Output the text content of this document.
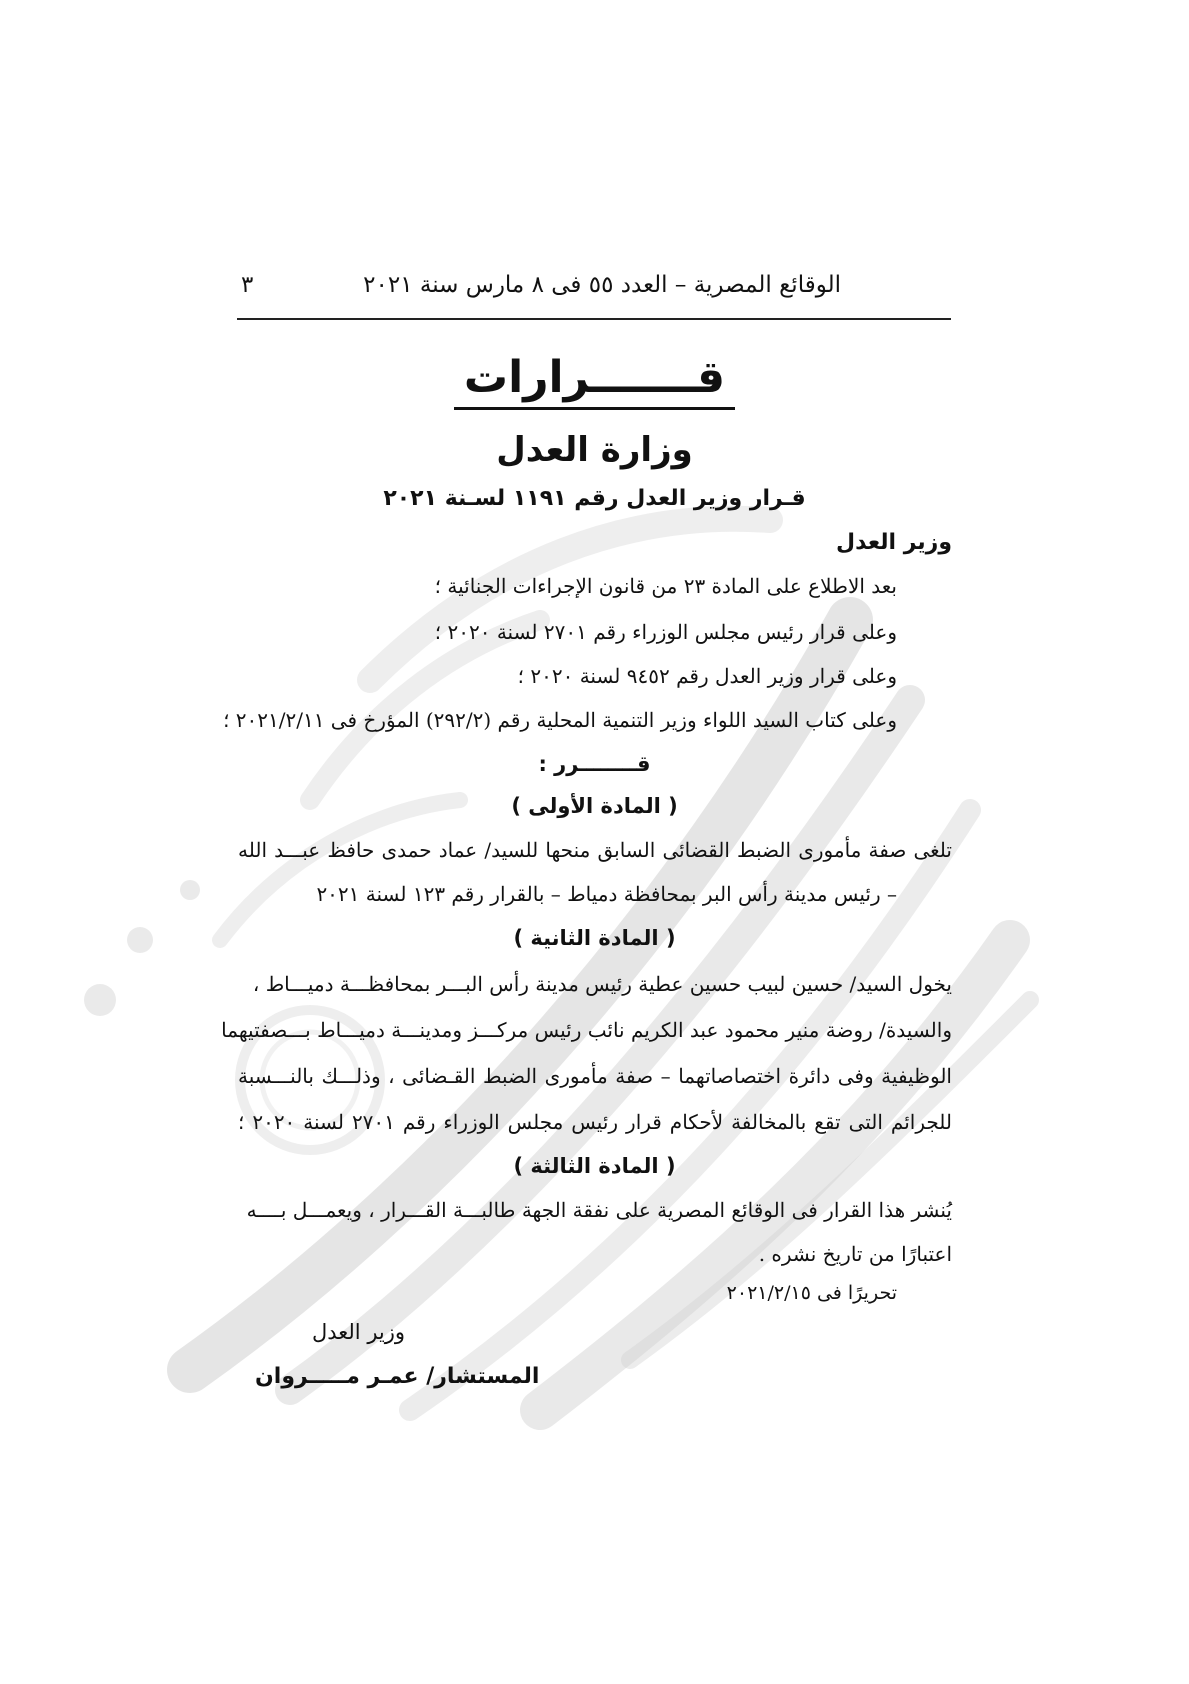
الوقائع المصرية – العدد ٥٥ فى ٨ مارس سنة ٢٠٢١
٣
قـــــــرارات
وزارة العدل
قـرار وزير العدل رقم ١١٩١ لسـنة ٢٠٢١
وزير العدل

بعد الاطلاع على المادة ٢٣ من قانون الإجراءات الجنائية ؛

وعلى قرار رئيس مجلس الوزراء رقم ٢٧٠١ لسنة ٢٠٢٠ ؛

وعلى قرار وزير العدل رقم ٩٤٥٢ لسنة ٢٠٢٠ ؛

وعلى كتاب السيد اللواء وزير التنمية المحلية رقم (٢٩٢/٢) المؤرخ فى ٢٠٢١/٢/١١ ؛

قــــــــرر :
( المادة الأولى )

تلغى صفة مأمورى الضبط القضائى السابق منحها للسيد/ عماد حمدى حافظ عبـــد الله

– رئيس مدينة رأس البر بمحافظة دمياط – بالقرار رقم ١٢٣ لسنة ٢٠٢١

( المادة الثانية )

يخول السيد/ حسين لبيب حسين عطية رئيس مدينة رأس البـــر بمحافظـــة دميـــاط ،

والسيدة/ روضة منير محمود عبد الكريم نائب رئيس مركـــز ومدينـــة دميـــاط بـــصفتيهما

الوظيفية وفى دائرة اختصاصاتهما – صفة مأمورى الضبط القـضائى ، وذلـــك بالنـــسبة

للجرائم التى تقع بالمخالفة لأحكام قرار رئيس مجلس الوزراء رقم ٢٧٠١ لسنة ٢٠٢٠ ؛

( المادة الثالثة )

يُنشر هذا القرار فى الوقائع المصرية على نفقة الجهة طالبـــة القـــرار ، ويعمـــل بــــه

اعتبارًا من تاريخ نشره .

تحريرًا فى ٢٠٢١/٢/١٥

وزير العدل
المستشار/ عمـر مـــــروان
